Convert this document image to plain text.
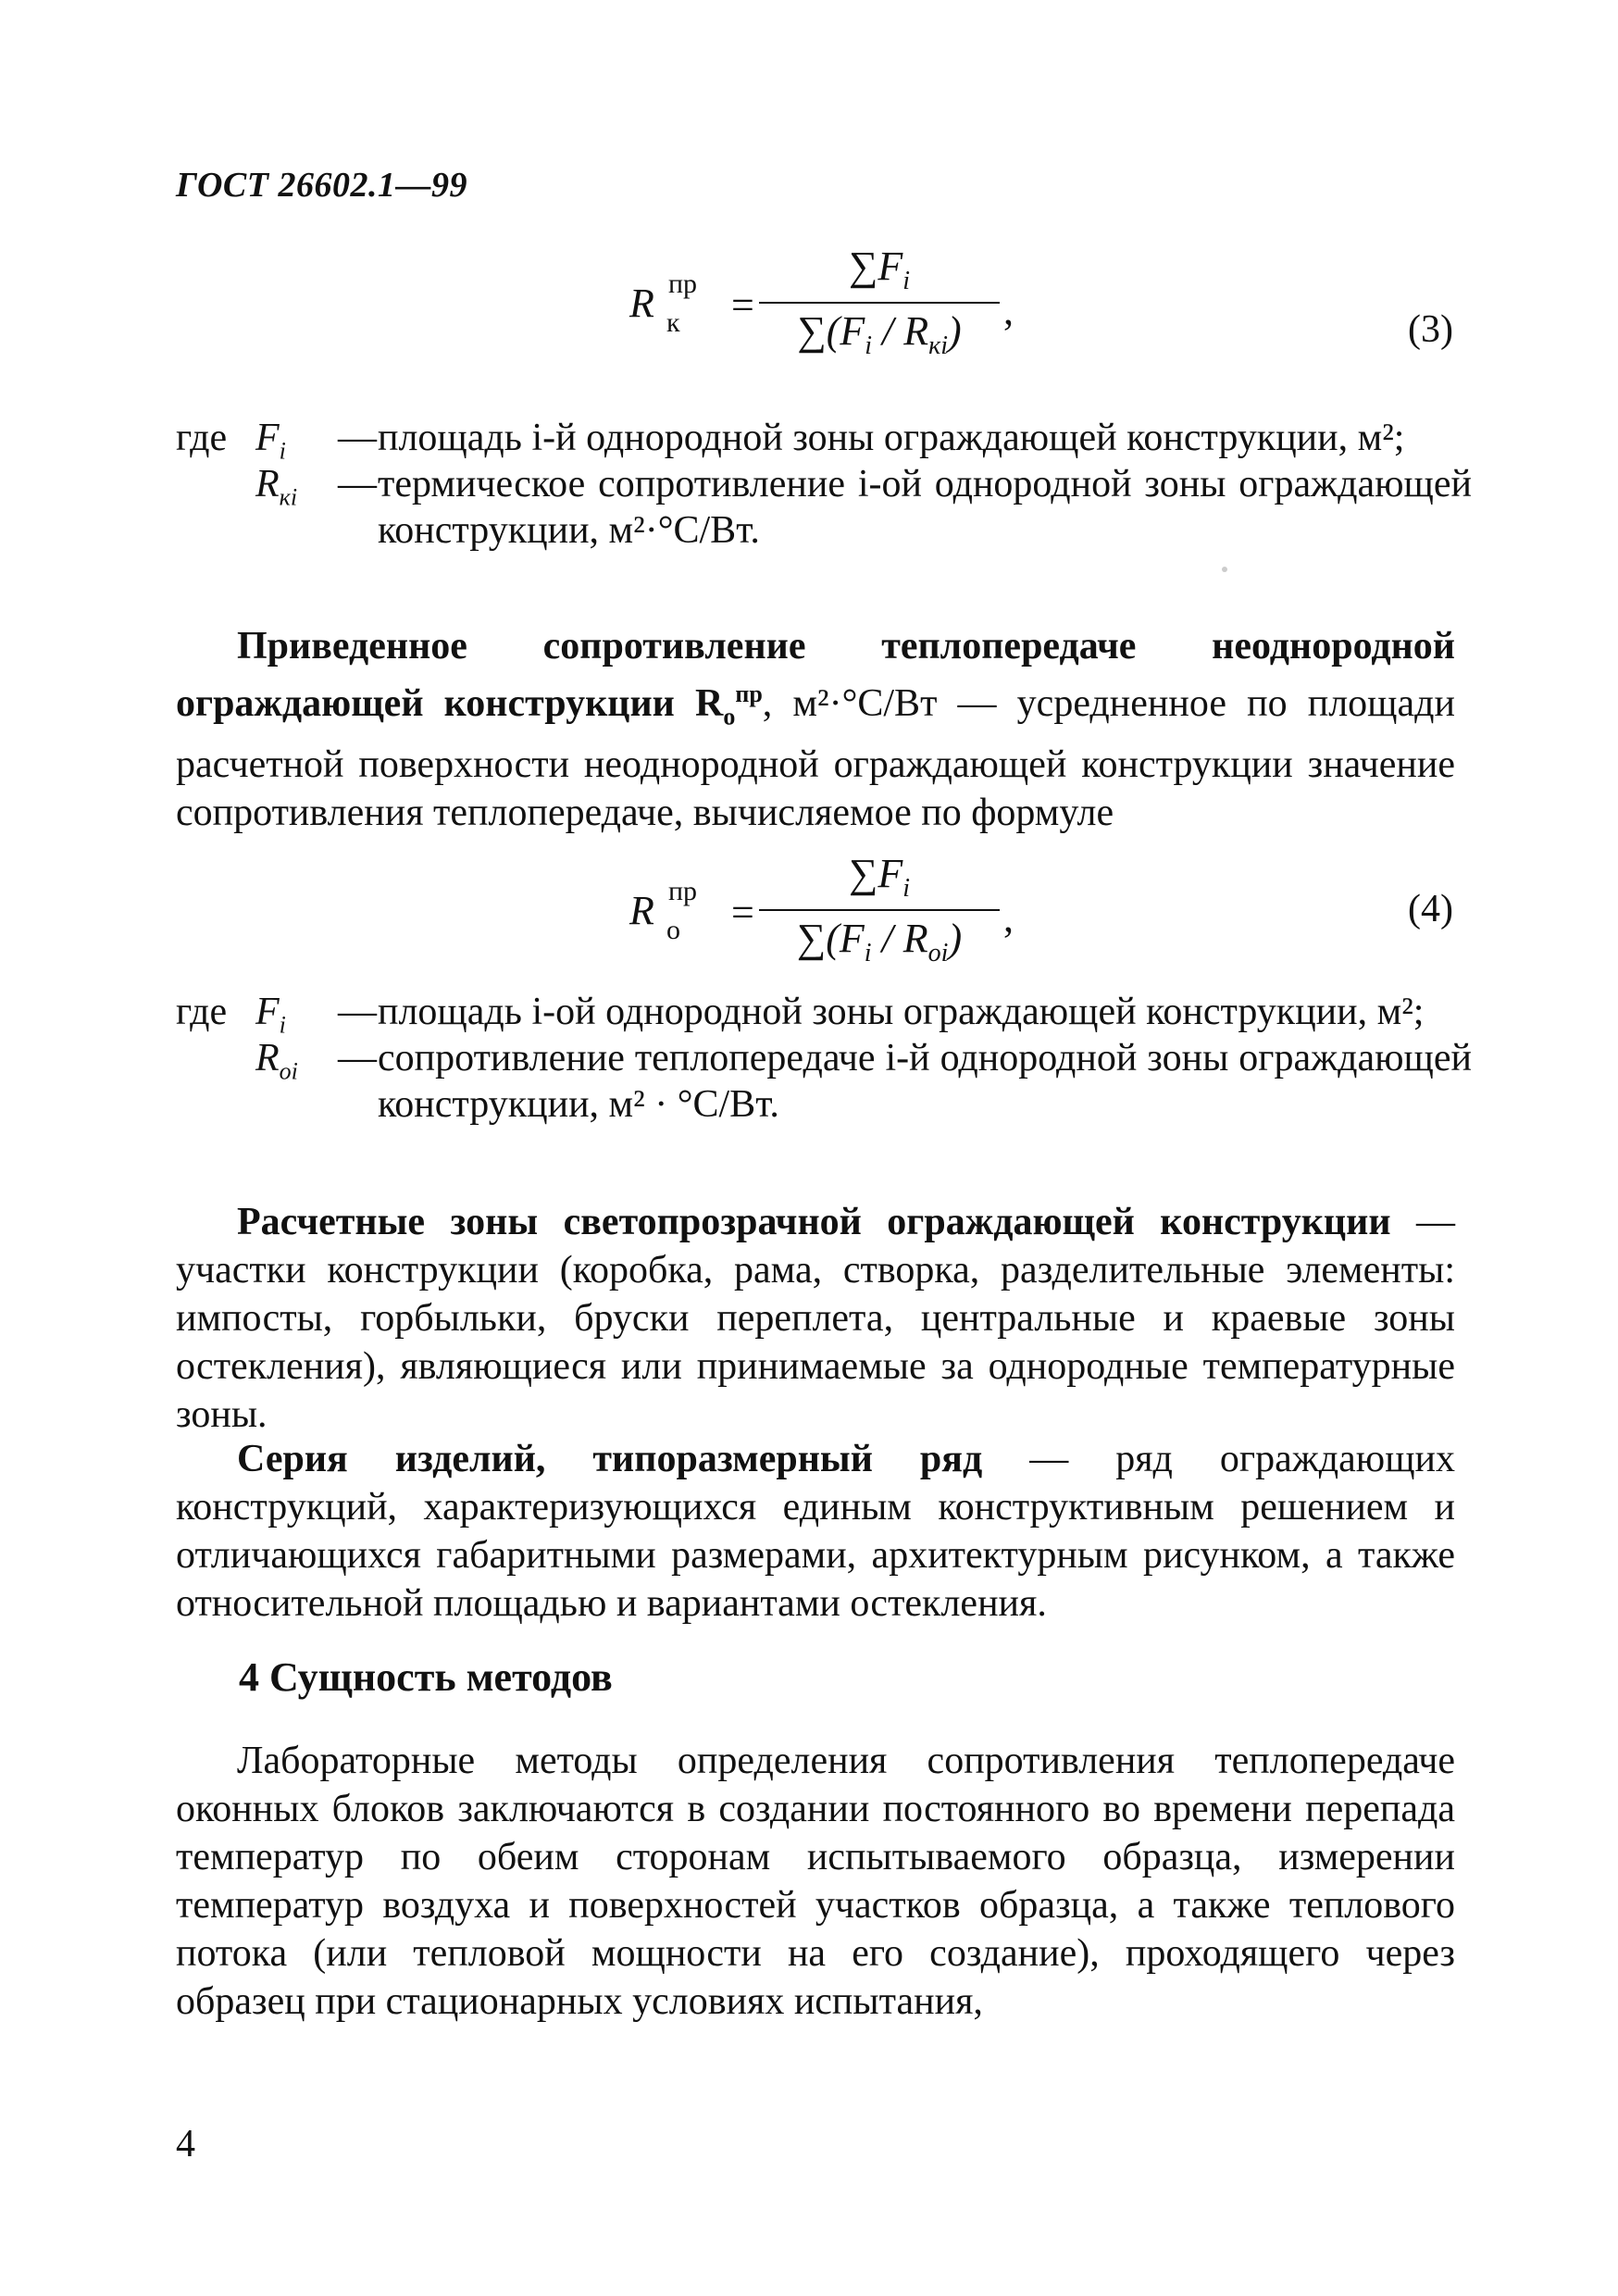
ГОСТ 26602.1—99
R пр
к =
$\sum F_i$
$\sum(F_i / R_{кi})$	,	(3)
где $F_i$ — площадь i-й однородной зоны ограждающей конструкции, м²;
$R_{кi}$ — термическое сопротивление i-ой однородной зоны ограждающей конструкции, м²·°С/Вт.
Приведенное сопротивление теплопередаче неоднородной ограждающей конструкции $R_о^{пр}$, м²·°С/Вт — усредненное по площади расчетной поверхности неоднородной ограждающей конструкции значение сопротивления теплопередаче, вычисляемое по формуле
R пр
о =
$\sum F_i$
$\sum(F_i / R_{оi})$	,	(4)
где $F_i$ — площадь i-ой однородной зоны ограждающей конструкции, м²;
$R_{оi}$ — сопротивление теплопередаче i-й однородной зоны ограждающей конструкции, м² · °С/Вт.
Расчетные зоны светопрозрачной ограждающей конструкции — участки конструкции (коробка, рама, створка, разделительные элементы: импосты, горбыльки, бруски переплета, центральные и краевые зоны остекления), являющиеся или принимаемые за однородные температурные зоны.
Серия изделий, типоразмерный ряд — ряд ограждающих конструкций, характеризующихся единым конструктивным решением и отличающихся габаритными размерами, архитектурным рисунком, а также относительной площадью и вариантами остекления.
4 Сущность методов
Лабораторные методы определения сопротивления теплопередаче оконных блоков заключаются в создании постоянного во времени перепада температур по обеим сторонам испытываемого образца, измерении температур воздуха и поверхностей участков образца, а также теплового потока (или тепловой мощности на его создание), проходящего через образец при стационарных условиях испытания,
4
